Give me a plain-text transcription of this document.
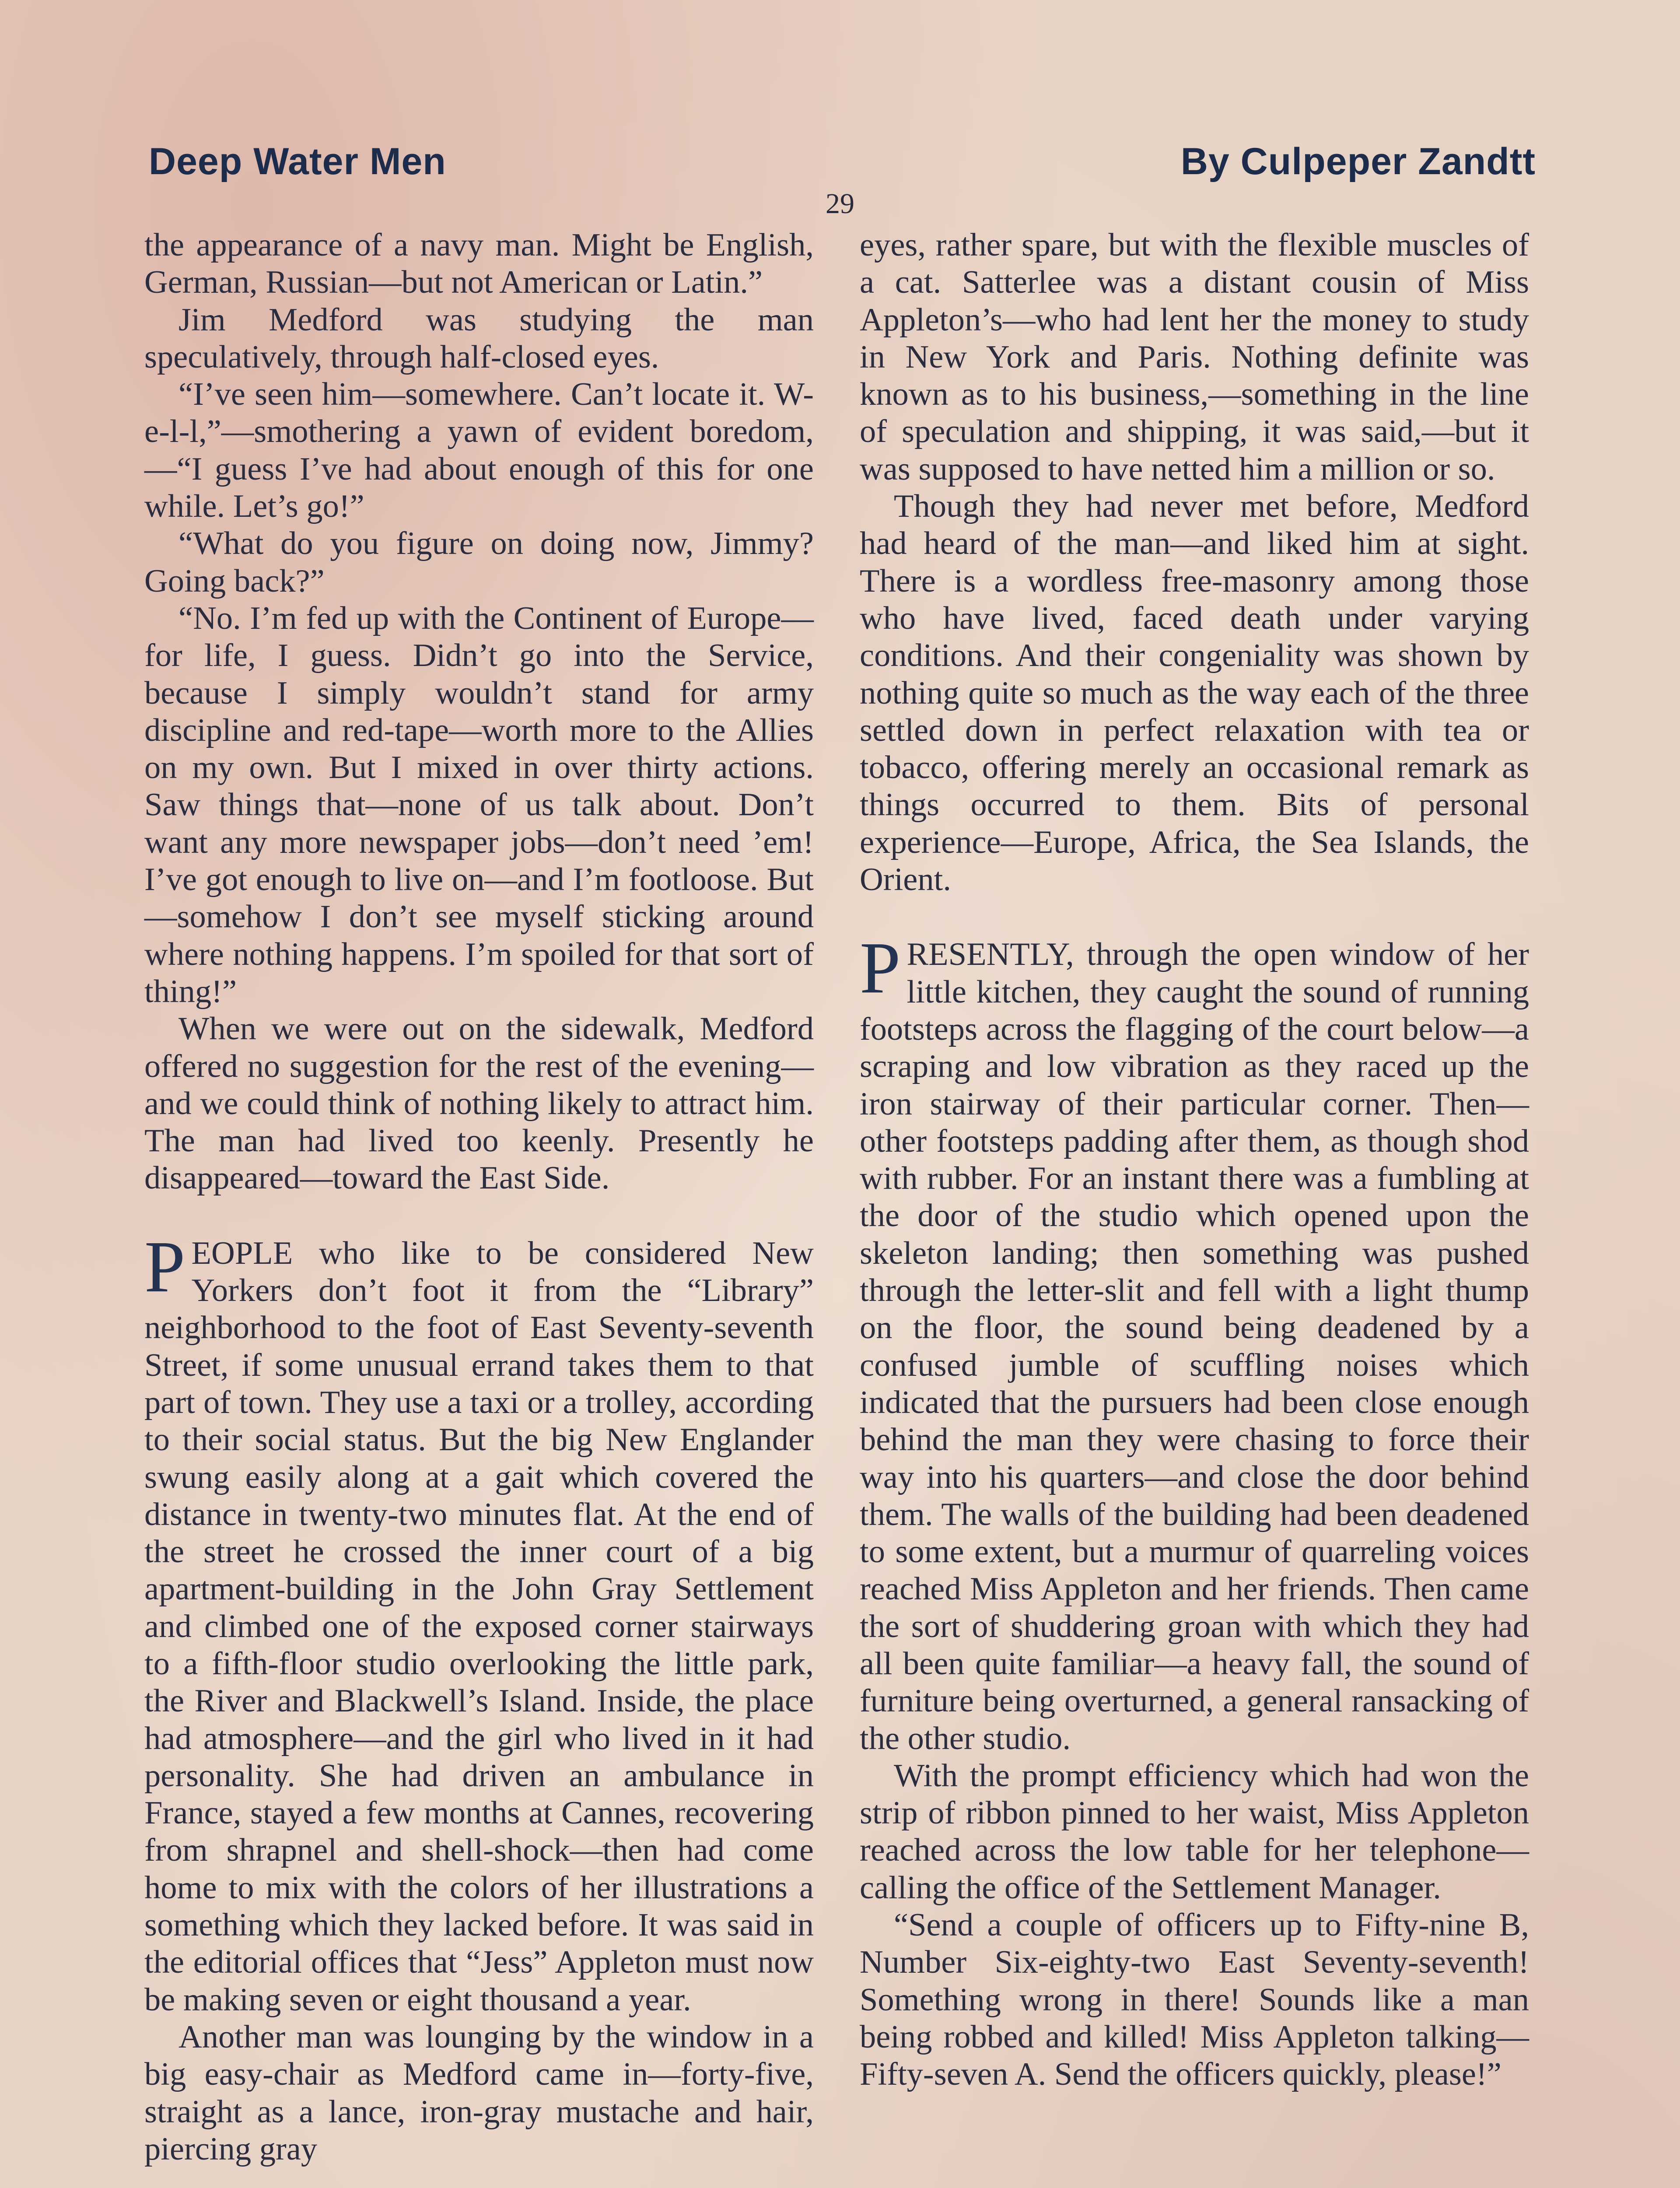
Deep Water Men	By Culpeper Zandtt
29

the appearance of a navy man. Might be English, German, Russian—but not American or Latin.”

Jim Medford was studying the man speculatively, through half-closed eyes.

“I’ve seen him—somewhere. Can’t locate it. W-e-l-l,”—smothering a yawn of evident boredom,—“I guess I’ve had about enough of this for one while. Let’s go!”

“What do you figure on doing now, Jimmy? Going back?”

“No. I’m fed up with the Continent of Europe—for life, I guess. Didn’t go into the Service, because I simply wouldn’t stand for army discipline and red-tape—worth more to the Allies on my own. But I mixed in over thirty actions. Saw things that—none of us talk about. Don’t want any more newspaper jobs—don’t need ’em! I’ve got enough to live on—and I’m footloose. But—somehow I don’t see myself sticking around where nothing happens. I’m spoiled for that sort of thing!”

When we were out on the sidewalk, Medford offered no suggestion for the rest of the evening—and we could think of nothing likely to attract him. The man had lived too keenly. Presently he disappeared—toward the East Side.

PEOPLE who like to be considered New Yorkers don’t foot it from the “Library” neighborhood to the foot of East Seventy-seventh Street, if some unusual errand takes them to that part of town. They use a taxi or a trolley, according to their social status. But the big New Englander swung easily along at a gait which covered the distance in twenty-two minutes flat. At the end of the street he crossed the inner court of a big apartment-building in the John Gray Settlement and climbed one of the exposed corner stairways to a fifth-floor studio overlooking the little park, the River and Blackwell’s Island. Inside, the place had atmosphere—and the girl who lived in it had personality. She had driven an ambulance in France, stayed a few months at Cannes, recovering from shrapnel and shell-shock—then had come home to mix with the colors of her illustrations a something which they lacked before. It was said in the editorial offices that “Jess” Appleton must now be making seven or eight thousand a year.

Another man was lounging by the window in a big easy-chair as Medford came in—forty-five, straight as a lance, iron-gray mustache and hair, piercing gray

eyes, rather spare, but with the flexible muscles of a cat. Satterlee was a distant cousin of Miss Appleton’s—who had lent her the money to study in New York and Paris. Nothing definite was known as to his business,—something in the line of speculation and shipping, it was said,—but it was supposed to have netted him a million or so.

Though they had never met before, Medford had heard of the man—and liked him at sight. There is a wordless free-masonry among those who have lived, faced death under varying conditions. And their congeniality was shown by nothing quite so much as the way each of the three settled down in perfect relaxation with tea or tobacco, offering merely an occasional remark as things occurred to them. Bits of personal experience—Europe, Africa, the Sea Islands, the Orient.

PRESENTLY, through the open window of her little kitchen, they caught the sound of running footsteps across the flagging of the court below—a scraping and low vibration as they raced up the iron stairway of their particular corner. Then—other footsteps padding after them, as though shod with rubber. For an instant there was a fumbling at the door of the studio which opened upon the skeleton landing; then something was pushed through the letter-slit and fell with a light thump on the floor, the sound being deadened by a confused jumble of scuffling noises which indicated that the pursuers had been close enough behind the man they were chasing to force their way into his quarters—and close the door behind them. The walls of the building had been deadened to some extent, but a murmur of quarreling voices reached Miss Appleton and her friends. Then came the sort of shuddering groan with which they had all been quite familiar—a heavy fall, the sound of furniture being overturned, a general ransacking of the other studio.

With the prompt efficiency which had won the strip of ribbon pinned to her waist, Miss Appleton reached across the low table for her telephone—calling the office of the Settlement Manager.

“Send a couple of officers up to Fifty-nine B, Number Six-eighty-two East Seventy-seventh! Something wrong in there! Sounds like a man being robbed and killed! Miss Appleton talking—Fifty-seven A. Send the officers quickly, please!”
